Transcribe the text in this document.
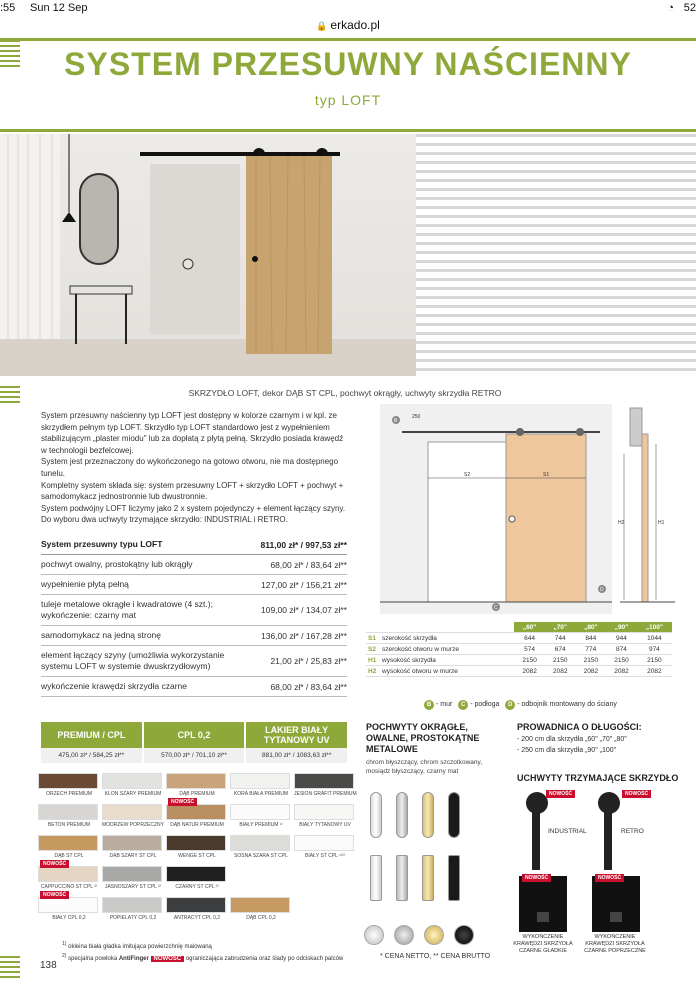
:55 Sun 12 Sep	◔ 52
🔒 erkado.pl
SYSTEM PRZESUWNY NAŚCIENNY
typ LOFT
SKRZYDŁO LOFT, dekor DĄB ST CPL, pochwyt okrągły, uchwyty skrzydła RETRO

System przesuwny naścienny typ LOFT jest dostępny w kolorze czarnym i w kpl. ze skrzydłem pełnym typ LOFT. Skrzydło typ LOFT standardowo jest z wypełnieniem stabilizującym „plaster miodu" lub za dopłatą z płytą pełną. Skrzydło posiada krawędź w technologii bezfelcowej.

System jest przeznaczony do wykończonego na gotowo otworu, nie ma dostępnego tunelu.

Kompletny system składa się: system przesuwny LOFT + skrzydło LOFT + pochwyt + samodomykacz jednostronnie lub dwustronnie.

System podwójny LOFT liczymy jako 2 x system pojedynczy + element łączący szyny.

Do wyboru dwa uchwyty trzymające skrzydło: INDUSTRIAL i RETRO.

System przesuwny typu LOFT	811,00 zł* / 997,53 zł**
pochwyt owalny, prostokątny lub okrągły	68,00 zł* / 83,64 zł**
wypełnienie płytą pełną	127,00 zł* / 156,21 zł**
tuleje metalowe okrągłe i kwadratowe (4 szt.); wykończenie: czarny mat	109,00 zł* / 134,07 zł**
samodomykacz na jedną stronę	136,00 zł* / 167,28 zł**
element łączący szyny (umożliwia wykorzystanie systemu LOFT w systemie dwuskrzydłowym)	21,00 zł* / 25,83 zł**
wykończenie krawędzi skrzydła czarne	68,00 zł* / 83,64 zł**
PREMIUM / CPL
475,00 zł* / 584,25 zł**
CPL 0,2
570,00 zł* / 701,10 zł**
LAKIER BIAŁY TYTANOWY UV
881,00 zł* / 1083,63 zł**
ORZECH PREMIUM	KLON SZARY PREMIUM	DĄB PREMIUM	KORA BIAŁA PREMIUM	JESION GRAFIT PREMIUM
BETON PREMIUM	MODRZEW POPRZECZNY	DĄB NATUR PREMIUM
NOWOŚĆ
BIAŁY PREMIUM ¹⁾	BIAŁY TYTANOWY UV
DĄB ST CPL	DĄB SZARY ST CPL	WENGE ST CPL	SOSNA SZARA ST CPL	BIAŁY ST CPL ¹⁾²⁾
CAPPUCCINO ST CPL ²⁾
NOWOŚĆ
JASNOSZARY ST CPL ²⁾	CZARNY ST CPL ²⁾
BIAŁY CPL 0,2
NOWOŚĆ
POPIELATY CPL 0,2	ANTRACYT CPL 0,2	DĄB CPL 0,2
$^{1)}$ okleina biała gładka imitująca powierzchnię malowaną
$^{2)}$ specjalna powłoka AntiFinger NOWOŚĆ ograniczająca zabrudzenia oraz ślady po odciskach palców
138
* CENA NETTO, ** CENA BRUTTO
S2	S1
250
B
C
D
H1
H2
		„60"	„70"	„80"	„90"	„100"
S1	szerokość skrzydła	644	744	844	944	1044
S2	szerokość otworu w murze	574	674	774	874	974
H1	wysokość skrzydła	2150	2150	2150	2150	2150
H2	wysokość otworu w murze	2082	2082	2082	2082	2082
B - mur C - podłoga D - odbojnik montowany do ściany
POCHWYTY OKRĄGŁE, OWALNE, PROSTOKĄTNE METALOWE
chrom błyszczący, chrom szczotkowany, mosiądz błyszczący, czarny mat
PROWADNICA O DŁUGOŚCI:
- 200 cm dla skrzydła „60" „70" „80"
- 250 cm dla skrzydła „90" „100"
UCHWYTY TRZYMAJĄCE SKRZYDŁO
NOWOŚĆ
INDUSTRIAL
NOWOŚĆ
RETRO
NOWOŚĆ
WYKOŃCZENIE KRAWĘDZI SKRZYDŁA CZARNE GŁADKIE
NOWOŚĆ
WYKOŃCZENIE KRAWĘDZI SKRZYDŁA CZARNE POPRZECZNE
